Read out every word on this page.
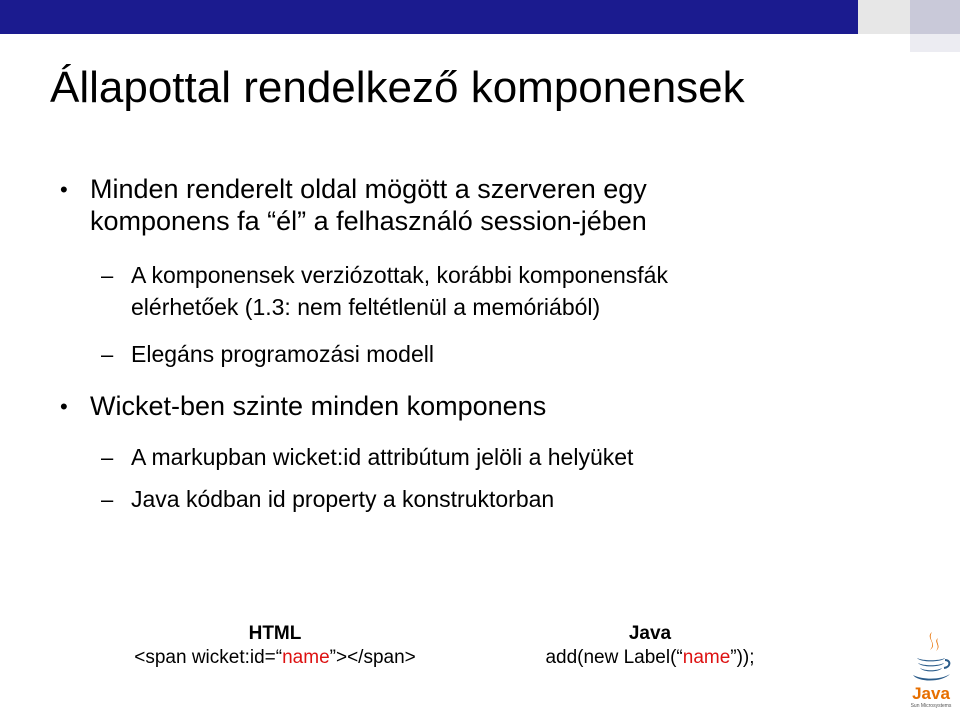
Állapottal rendelkező komponensek
• Minden renderelt oldal mögött a szerveren egy
komponens fa “él” a felhasználó session-jében
– A komponensek verziózottak, korábbi komponensfák
elérhetőek (1.3: nem feltétlenül a memóriából)
– Elegáns programozási modell
• Wicket-ben szinte minden komponens
– A markupban wicket:id attribútum jelöli a helyüket
– Java kódban id property a konstruktorban
HTML
<span wicket:id=“name”></span>
Java
add(new Label(“name”));
Java
Sun Microsystems
